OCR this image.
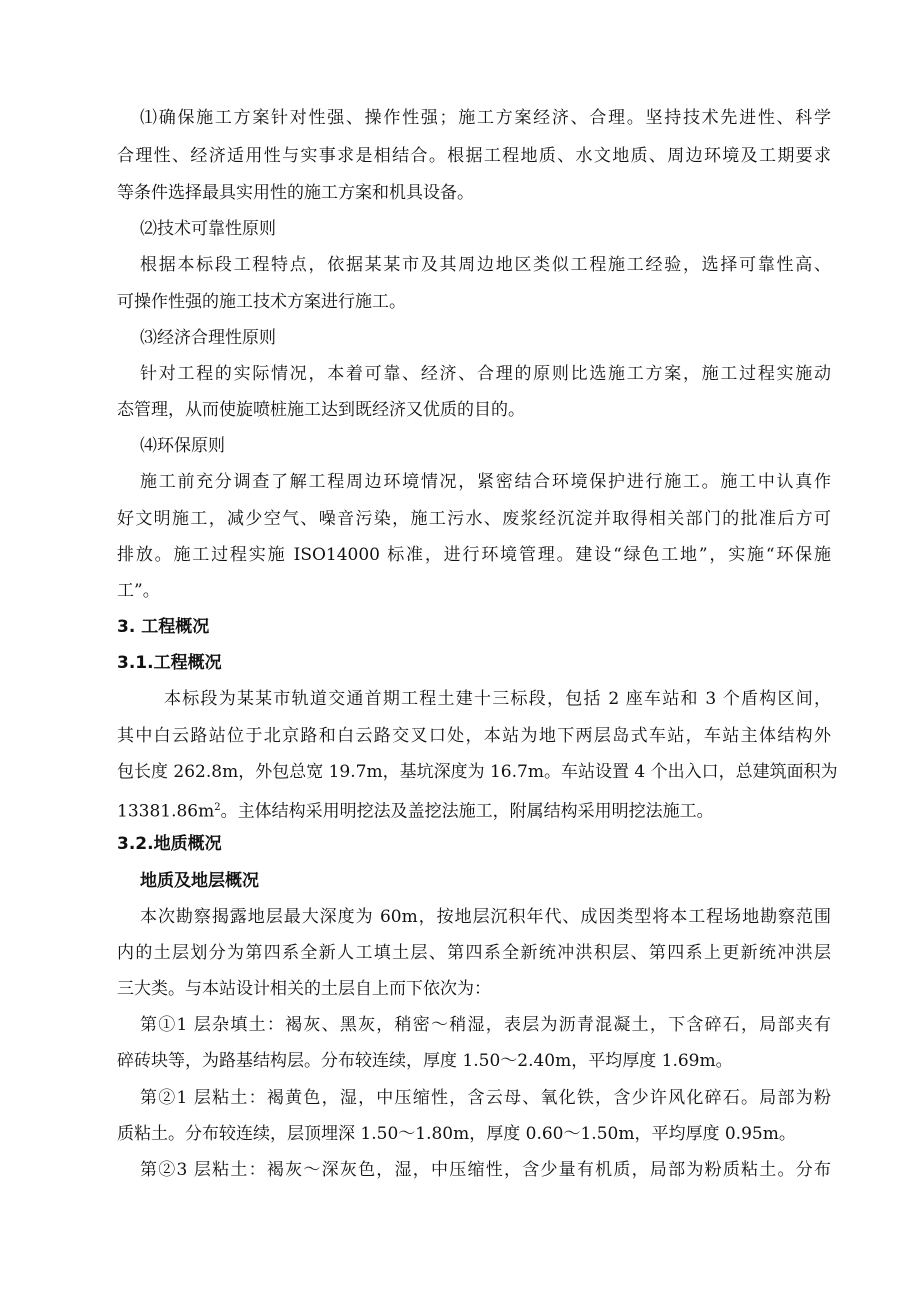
⑴确保施工方案针对性强、操作性强；施工方案经济、合理。坚持技术先进性、科学
合理性、经济适用性与实事求是相结合。根据工程地质、水文地质、周边环境及工期要求
等条件选择最具实用性的施工方案和机具设备。
⑵技术可靠性原则
根据本标段工程特点，依据某某市及其周边地区类似工程施工经验，选择可靠性高、
可操作性强的施工技术方案进行施工。
⑶经济合理性原则
针对工程的实际情况，本着可靠、经济、合理的原则比选施工方案，施工过程实施动
态管理，从而使旋喷桩施工达到既经济又优质的目的。
⑷环保原则
施工前充分调查了解工程周边环境情况，紧密结合环境保护进行施工。施工中认真作
好文明施工，减少空气、噪音污染，施工污水、废浆经沉淀并取得相关部门的批准后方可
排放。施工过程实施 ISO14000 标准，进行环境管理。建设“绿色工地”，实施“环保施
工”。
3. 工程概况
3.1.工程概况
本标段为某某市轨道交通首期工程土建十三标段，包括 2 座车站和 3 个盾构区间，
其中白云路站位于北京路和白云路交叉口处，本站为地下两层岛式车站，车站主体结构外
包长度 262.8m，外包总宽 19.7m，基坑深度为 16.7m。车站设置 4 个出入口，总建筑面积为
$13381.86m^2$。主体结构采用明挖法及盖挖法施工，附属结构采用明挖法施工。
3.2.地质概况
地质及地层概况
本次勘察揭露地层最大深度为 60m，按地层沉积年代、成因类型将本工程场地勘察范围
内的土层划分为第四系全新人工填土层、第四系全新统冲洪积层、第四系上更新统冲洪层
三大类。与本站设计相关的土层自上而下依次为：
第①1 层杂填土：褐灰、黑灰，稍密～稍湿，表层为沥青混凝土，下含碎石，局部夹有
碎砖块等，为路基结构层。分布较连续，厚度 1.50～2.40m，平均厚度 1.69m。
第②1 层粘土：褐黄色，湿，中压缩性，含云母、氧化铁，含少许风化碎石。局部为粉
质粘土。分布较连续，层顶埋深 1.50～1.80m，厚度 0.60～1.50m，平均厚度 0.95m。
第②3 层粘土：褐灰～深灰色，湿，中压缩性，含少量有机质，局部为粉质粘土。分布
